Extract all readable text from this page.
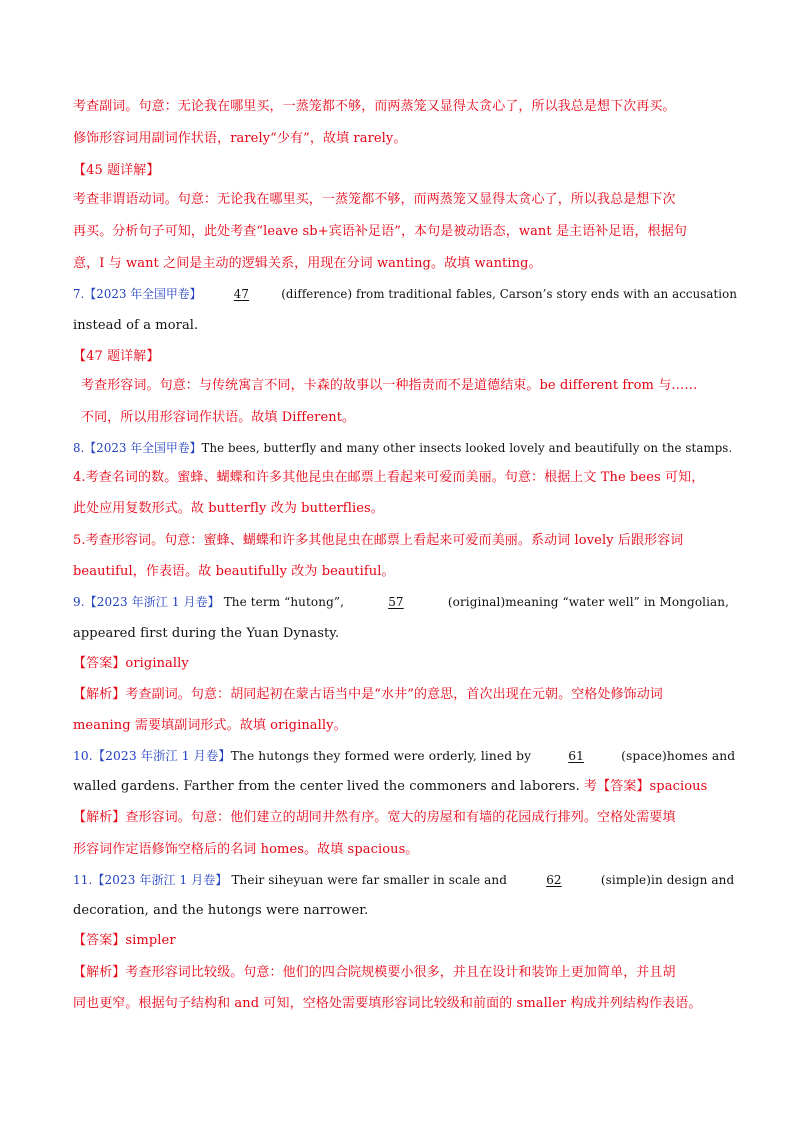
考查副词。句意：无论我在哪里买，一蒸笼都不够，而两蒸笼又显得太贪心了，所以我总是想下次再买。
修饰形容词用副词作状语，rarely“少有”，故填 rarely。
【45 题详解】
考查非谓语动词。句意：无论我在哪里买，一蒸笼都不够，而两蒸笼又显得太贪心了，所以我总是想下次
再买。分析句子可知，此处考查“leave sb+宾语补足语”，本句是被动语态，want 是主语补足语，根据句
意，I 与 want 之间是主动的逻辑关系，用现在分词 wanting。故填 wanting。
7.【2023 年全国甲卷】	47	(difference) from traditional fables, Carson’s story ends with an accusation
instead of a moral.
【47 题详解】
考查形容词。句意：与传统寓言不同，卡森的故事以一种指责而不是道德结束。be different from 与……
不同，所以用形容词作状语。故填 Different。
8.【2023 年全国甲卷】The bees, butterfly and many other insects looked lovely and beautifully on the stamps.
4.考查名词的数。蜜蜂、蝴蝶和许多其他昆虫在邮票上看起来可爱而美丽。句意：根据上文 The bees 可知，
此处应用复数形式。故 butterfly 改为 butterflies。
5.考查形容词。句意：蜜蜂、蝴蝶和许多其他昆虫在邮票上看起来可爱而美丽。系动词 lovely 后跟形容词
beautiful，作表语。故 beautifully 改为 beautiful。
9.【2023 年浙江 1 月卷】 The term “hutong”,	57	(original)meaning “water well” in Mongolian,
appeared first during the Yuan Dynasty.
【答案】originally
【解析】考查副词。句意：胡同起初在蒙古语当中是“水井”的意思，首次出现在元朝。空格处修饰动词
meaning 需要填副词形式。故填 originally。
10.【2023 年浙江 1 月卷】The hutongs they formed were orderly, lined by	61	(space)homes and
walled gardens. Farther from the center lived the commoners and laborers. 考【答案】spacious
【解析】查形容词。句意：他们建立的胡同井然有序。宽大的房屋和有墙的花园成行排列。空格处需要填
形容词作定语修饰空格后的名词 homes。故填 spacious。
11.【2023 年浙江 1 月卷】 Their siheyuan were far smaller in scale and	62	(simple)in design and
decoration, and the hutongs were narrower.
【答案】simpler
【解析】考查形容词比较级。句意：他们的四合院规模要小很多，并且在设计和装饰上更加简单，并且胡
同也更窄。根据句子结构和 and 可知，空格处需要填形容词比较级和前面的 smaller 构成并列结构作表语。
